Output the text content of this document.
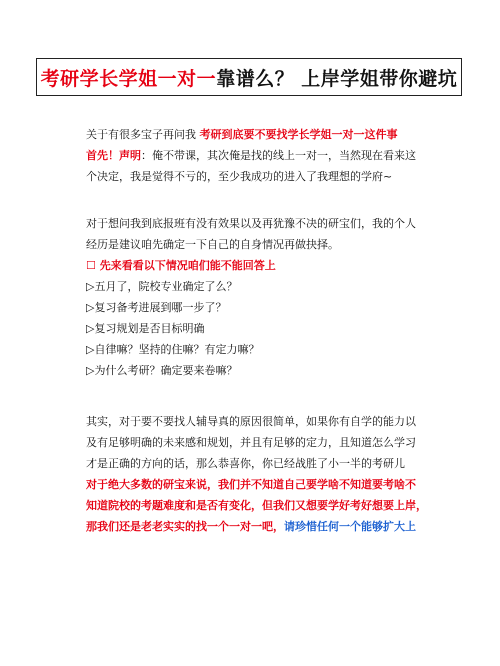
考研学长学姐一对一 靠谱么？ 上岸学姐带你避坑
关于有很多宝子再问我 考研到底要不要找学长学姐一对一这件事
首先！声明：俺不带课，其次俺是找的线上一对一，当然现在看来这
个决定，我是觉得不亏的，至少我成功的进入了我理想的学府~
对于想问我到底报班有没有效果以及再犹豫不决的研宝们，我的个人
经历是建议咱先确定一下自己的自身情况再做抉择。
☐ 先来看看以下情况咱们能不能回答上
▷五月了，院校专业确定了么？
▷复习备考进展到哪一步了？
▷复习规划是否目标明确
▷自律嘛？坚持的住嘛？有定力嘛？
▷为什么考研？确定要来卷嘛？
其实，对于要不要找人辅导真的原因很简单，如果你有自学的能力以
及有足够明确的未来感和规划，并且有足够的定力，且知道怎么学习
才是正确的方向的话，那么恭喜你，你已经战胜了小一半的考研儿
对于绝大多数的研宝来说，我们并不知道自己要学啥不知道要考啥不
知道院校的考题难度和是否有变化，但我们又想要学好考好想要上岸，
那我们还是老老实实的找一个一对一吧，请珍惜任何一个能够扩大上
